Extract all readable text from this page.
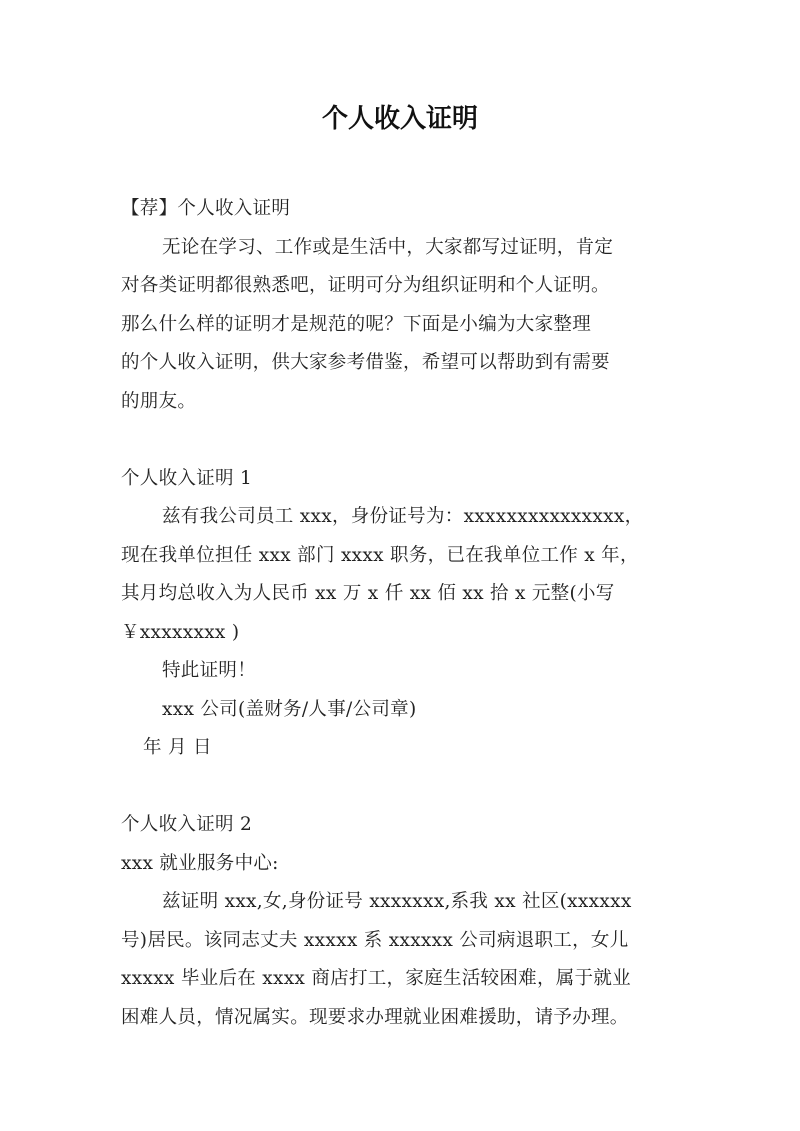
个人收入证明
【荐】个人收入证明
无论在学习、工作或是生活中，大家都写过证明，肯定
对各类证明都很熟悉吧，证明可分为组织证明和个人证明。
那么什么样的证明才是规范的呢？下面是小编为大家整理
的个人收入证明，供大家参考借鉴，希望可以帮助到有需要
的朋友。
个人收入证明 1
兹有我公司员工 xxx，身份证号为：xxxxxxxxxxxxxxx，
现在我单位担任 xxx 部门 xxxx 职务，已在我单位工作 x 年，
其月均总收入为人民币 xx 万 x 仟 xx 佰 xx 拾 x 元整(小写
￥xxxxxxxx )
特此证明！
xxx 公司(盖财务/人事/公司章)
年 月 日
个人收入证明 2
xxx 就业服务中心:
兹证明 xxx,女,身份证号 xxxxxxx,系我 xx 社区(xxxxxx
号)居民。该同志丈夫 xxxxx 系 xxxxxx 公司病退职工，女儿
xxxxx 毕业后在 xxxx 商店打工，家庭生活较困难，属于就业
困难人员，情况属实。现要求办理就业困难援助，请予办理。
